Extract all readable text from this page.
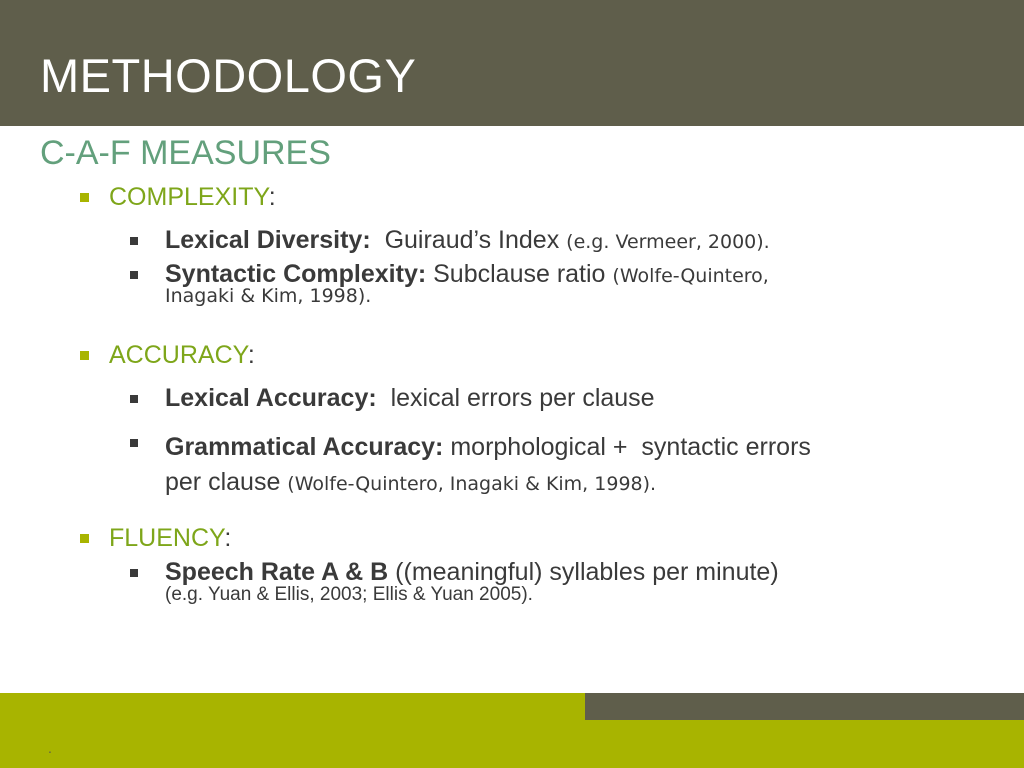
METHODOLOGY
C-A-F MEASURES
COMPLEXITY:
Lexical Diversity:  Guiraud’s Index (e.g. Vermeer, 2000).
Syntactic Complexity: Subclause ratio (Wolfe-Quintero,
Inagaki & Kim, 1998).
ACCURACY:
Lexical Accuracy:  lexical errors per clause
Grammatical Accuracy: morphological +  syntactic errors
per clause (Wolfe-Quintero, Inagaki & Kim, 1998).
FLUENCY:
Speech Rate A & B ((meaningful) syllables per minute)
(e.g. Yuan & Ellis, 2003; Ellis & Yuan 2005).
.
